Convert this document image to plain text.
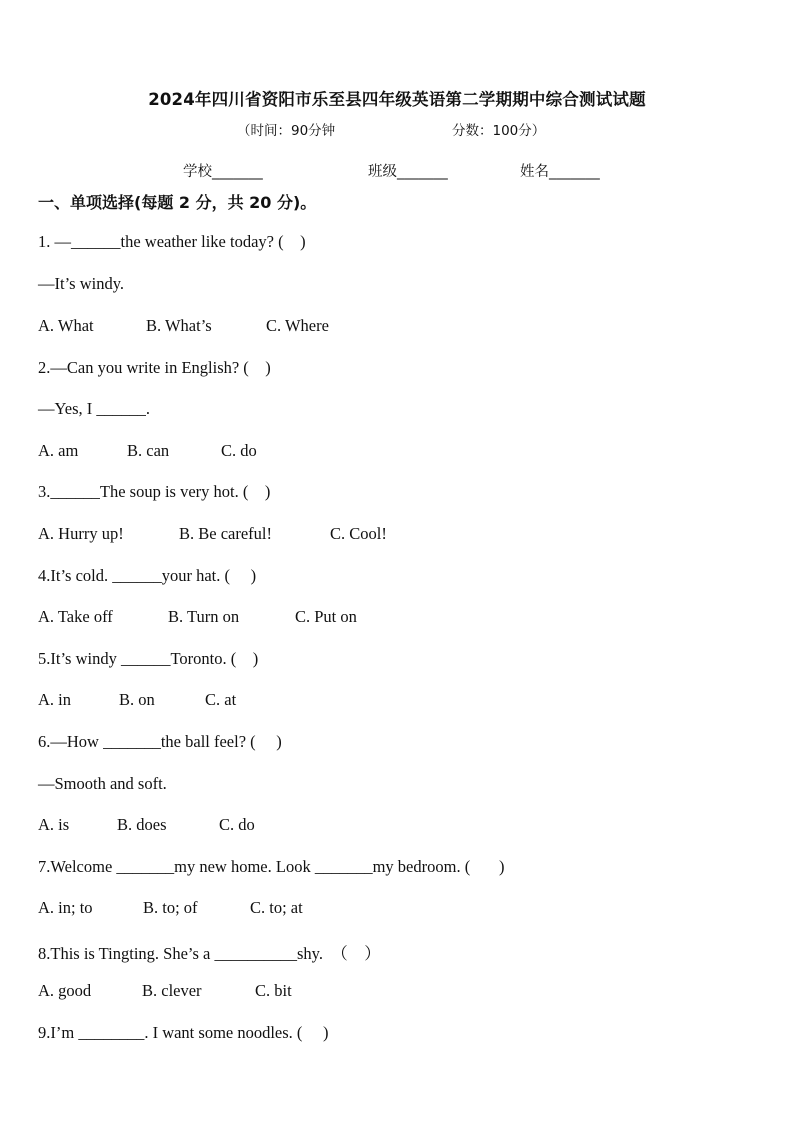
2024年四川省资阳市乐至县四年级英语第二学期期中综合测试试题
（时间：90分钟	分数：100分）
学校_______	班级_______	姓名_______
一、单项选择(每题 2 分，共 20 分)。
1. —______the weather like today? (    )
—It’s windy.
A. What	B. What’s	C. Where
2.—Can you write in English? (    )
—Yes, I ______.
A. am	B. can	C. do
3.______The soup is very hot. (    )
A. Hurry up!	B. Be careful!	C. Cool!
4.It’s cold. ______your hat. (     )
A. Take off	B. Turn on	C. Put on
5.It’s windy ______Toronto. (    )
A. in	B. on	C. at
6.—How _______the ball feel? (     )
—Smooth and soft.
A. is	B. does	C. do
7.Welcome _______my new home. Look _______my bedroom. (       )
A. in; to	B. to; of	C. to; at
8.This is Tingting. She’s a __________shy.  （    ）
A. good	B. clever	C. bit
9.I’m ________. I want some noodles. (     )
